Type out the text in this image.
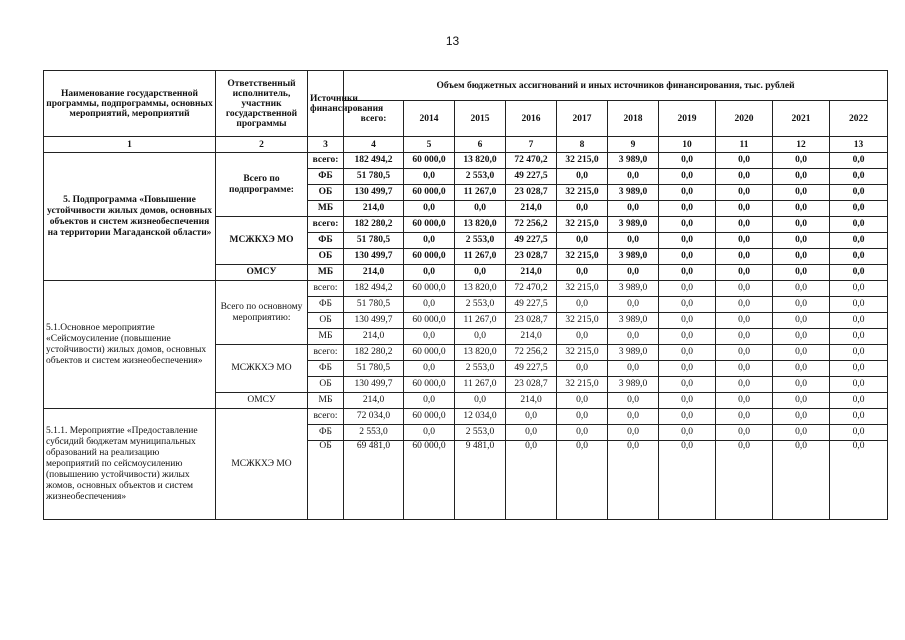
13
Наименование государственной программы, подпрограммы, основных мероприятий, мероприятий	Ответственный исполнитель, участник государственной программы	Источники финансирования	Объем бюджетных ассигнований и иных источников финансирования, тыс. рублей									
			всего:	2014	2015	2016	2017	2018	2019	2020	2021	2022
1	2	3	4	5	6	7	8	9	10	11	12	13
5. Подпрограмма «Повышение устойчивости жилых домов, основных объектов и систем жизнеобеспечения на территории Магаданской области»	Всего по подпрограмме:	всего:	182 494,2	60 000,0	13 820,0	72 470,2	32 215,0	3 989,0	0,0	0,0	0,0	0,0
		ФБ	51 780,5	0,0	2 553,0	49 227,5	0,0	0,0	0,0	0,0	0,0	0,0
		ОБ	130 499,7	60 000,0	11 267,0	23 028,7	32 215,0	3 989,0	0,0	0,0	0,0	0,0
		МБ	214,0	0,0	0,0	214,0	0,0	0,0	0,0	0,0	0,0	0,0
	МСЖКХЭ МО	всего:	182 280,2	60 000,0	13 820,0	72 256,2	32 215,0	3 989,0	0,0	0,0	0,0	0,0
		ФБ	51 780,5	0,0	2 553,0	49 227,5	0,0	0,0	0,0	0,0	0,0	0,0
		ОБ	130 499,7	60 000,0	11 267,0	23 028,7	32 215,0	3 989,0	0,0	0,0	0,0	0,0
	ОМСУ	МБ	214,0	0,0	0,0	214,0	0,0	0,0	0,0	0,0	0,0	0,0
5.1.Основное мероприятие «Сейсмоусиление (повышение устойчивости) жилых домов, основных объектов и систем жизнеобеспечения»	Всего по основному мероприятию:	всего:	182 494,2	60 000,0	13 820,0	72 470,2	32 215,0	3 989,0	0,0	0,0	0,0	0,0
		ФБ	51 780,5	0,0	2 553,0	49 227,5	0,0	0,0	0,0	0,0	0,0	0,0
		ОБ	130 499,7	60 000,0	11 267,0	23 028,7	32 215,0	3 989,0	0,0	0,0	0,0	0,0
		МБ	214,0	0,0	0,0	214,0	0,0	0,0	0,0	0,0	0,0	0,0
	МСЖКХЭ МО	всего:	182 280,2	60 000,0	13 820,0	72 256,2	32 215,0	3 989,0	0,0	0,0	0,0	0,0
		ФБ	51 780,5	0,0	2 553,0	49 227,5	0,0	0,0	0,0	0,0	0,0	0,0
		ОБ	130 499,7	60 000,0	11 267,0	23 028,7	32 215,0	3 989,0	0,0	0,0	0,0	0,0
	ОМСУ	МБ	214,0	0,0	0,0	214,0	0,0	0,0	0,0	0,0	0,0	0,0
5.1.1. Мероприятие «Предоставление субсидий бюджетам муниципальных образований на реализацию мероприятий по сейсмоусилению (повышению устойчивости) жилых жомов, основных объектов и систем жизнеобеспечения»	МСЖКХЭ МО	всего:	72 034,0	60 000,0	12 034,0	0,0	0,0	0,0	0,0	0,0	0,0	0,0
		ФБ	2 553,0	0,0	2 553,0	0,0	0,0	0,0	0,0	0,0	0,0	0,0
		ОБ	69 481,0	60 000,0	9 481,0	0,0	0,0	0,0	0,0	0,0	0,0	0,0
